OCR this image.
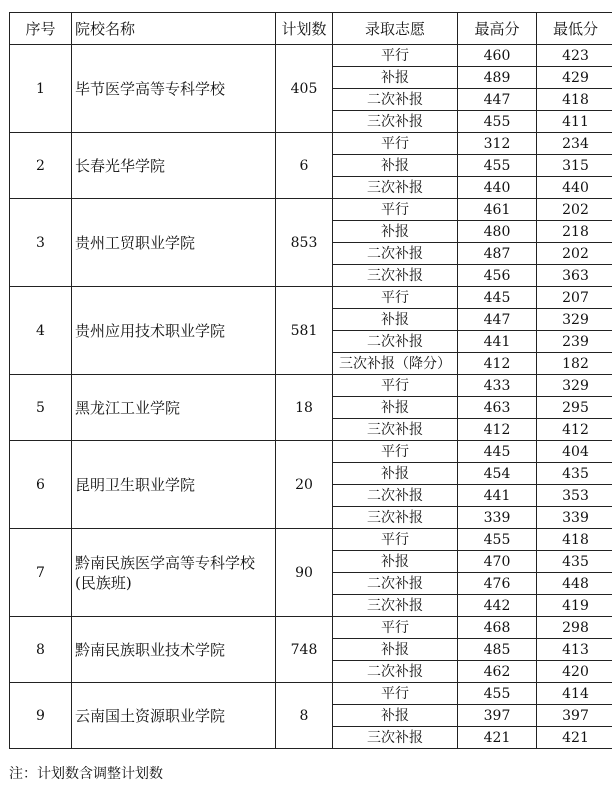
序号	院校名称	计划数	录取志愿	最高分	最低分
1	毕节医学高等专科学校	405	平行	460	423
			补报	489	429
			二次补报	447	418
			三次补报	455	411
2	长春光华学院	6	平行	312	234
			补报	455	315
			三次补报	440	440
3	贵州工贸职业学院	853	平行	461	202
			补报	480	218
			二次补报	487	202
			三次补报	456	363
4	贵州应用技术职业学院	581	平行	445	207
			补报	447	329
			二次补报	441	239
			三次补报（降分）	412	182
5	黑龙江工业学院	18	平行	433	329
			补报	463	295
			三次补报	412	412
6	昆明卫生职业学院	20	平行	445	404
			补报	454	435
			二次补报	441	353
			三次补报	339	339
7	黔南民族医学高等专科学校(民族班)	90	平行	455	418
			补报	470	435
			二次补报	476	448
			三次补报	442	419
8	黔南民族职业技术学院	748	平行	468	298
			补报	485	413
			二次补报	462	420
9	云南国土资源职业学院	8	平行	455	414
			补报	397	397
			三次补报	421	421
注：计划数含调整计划数
